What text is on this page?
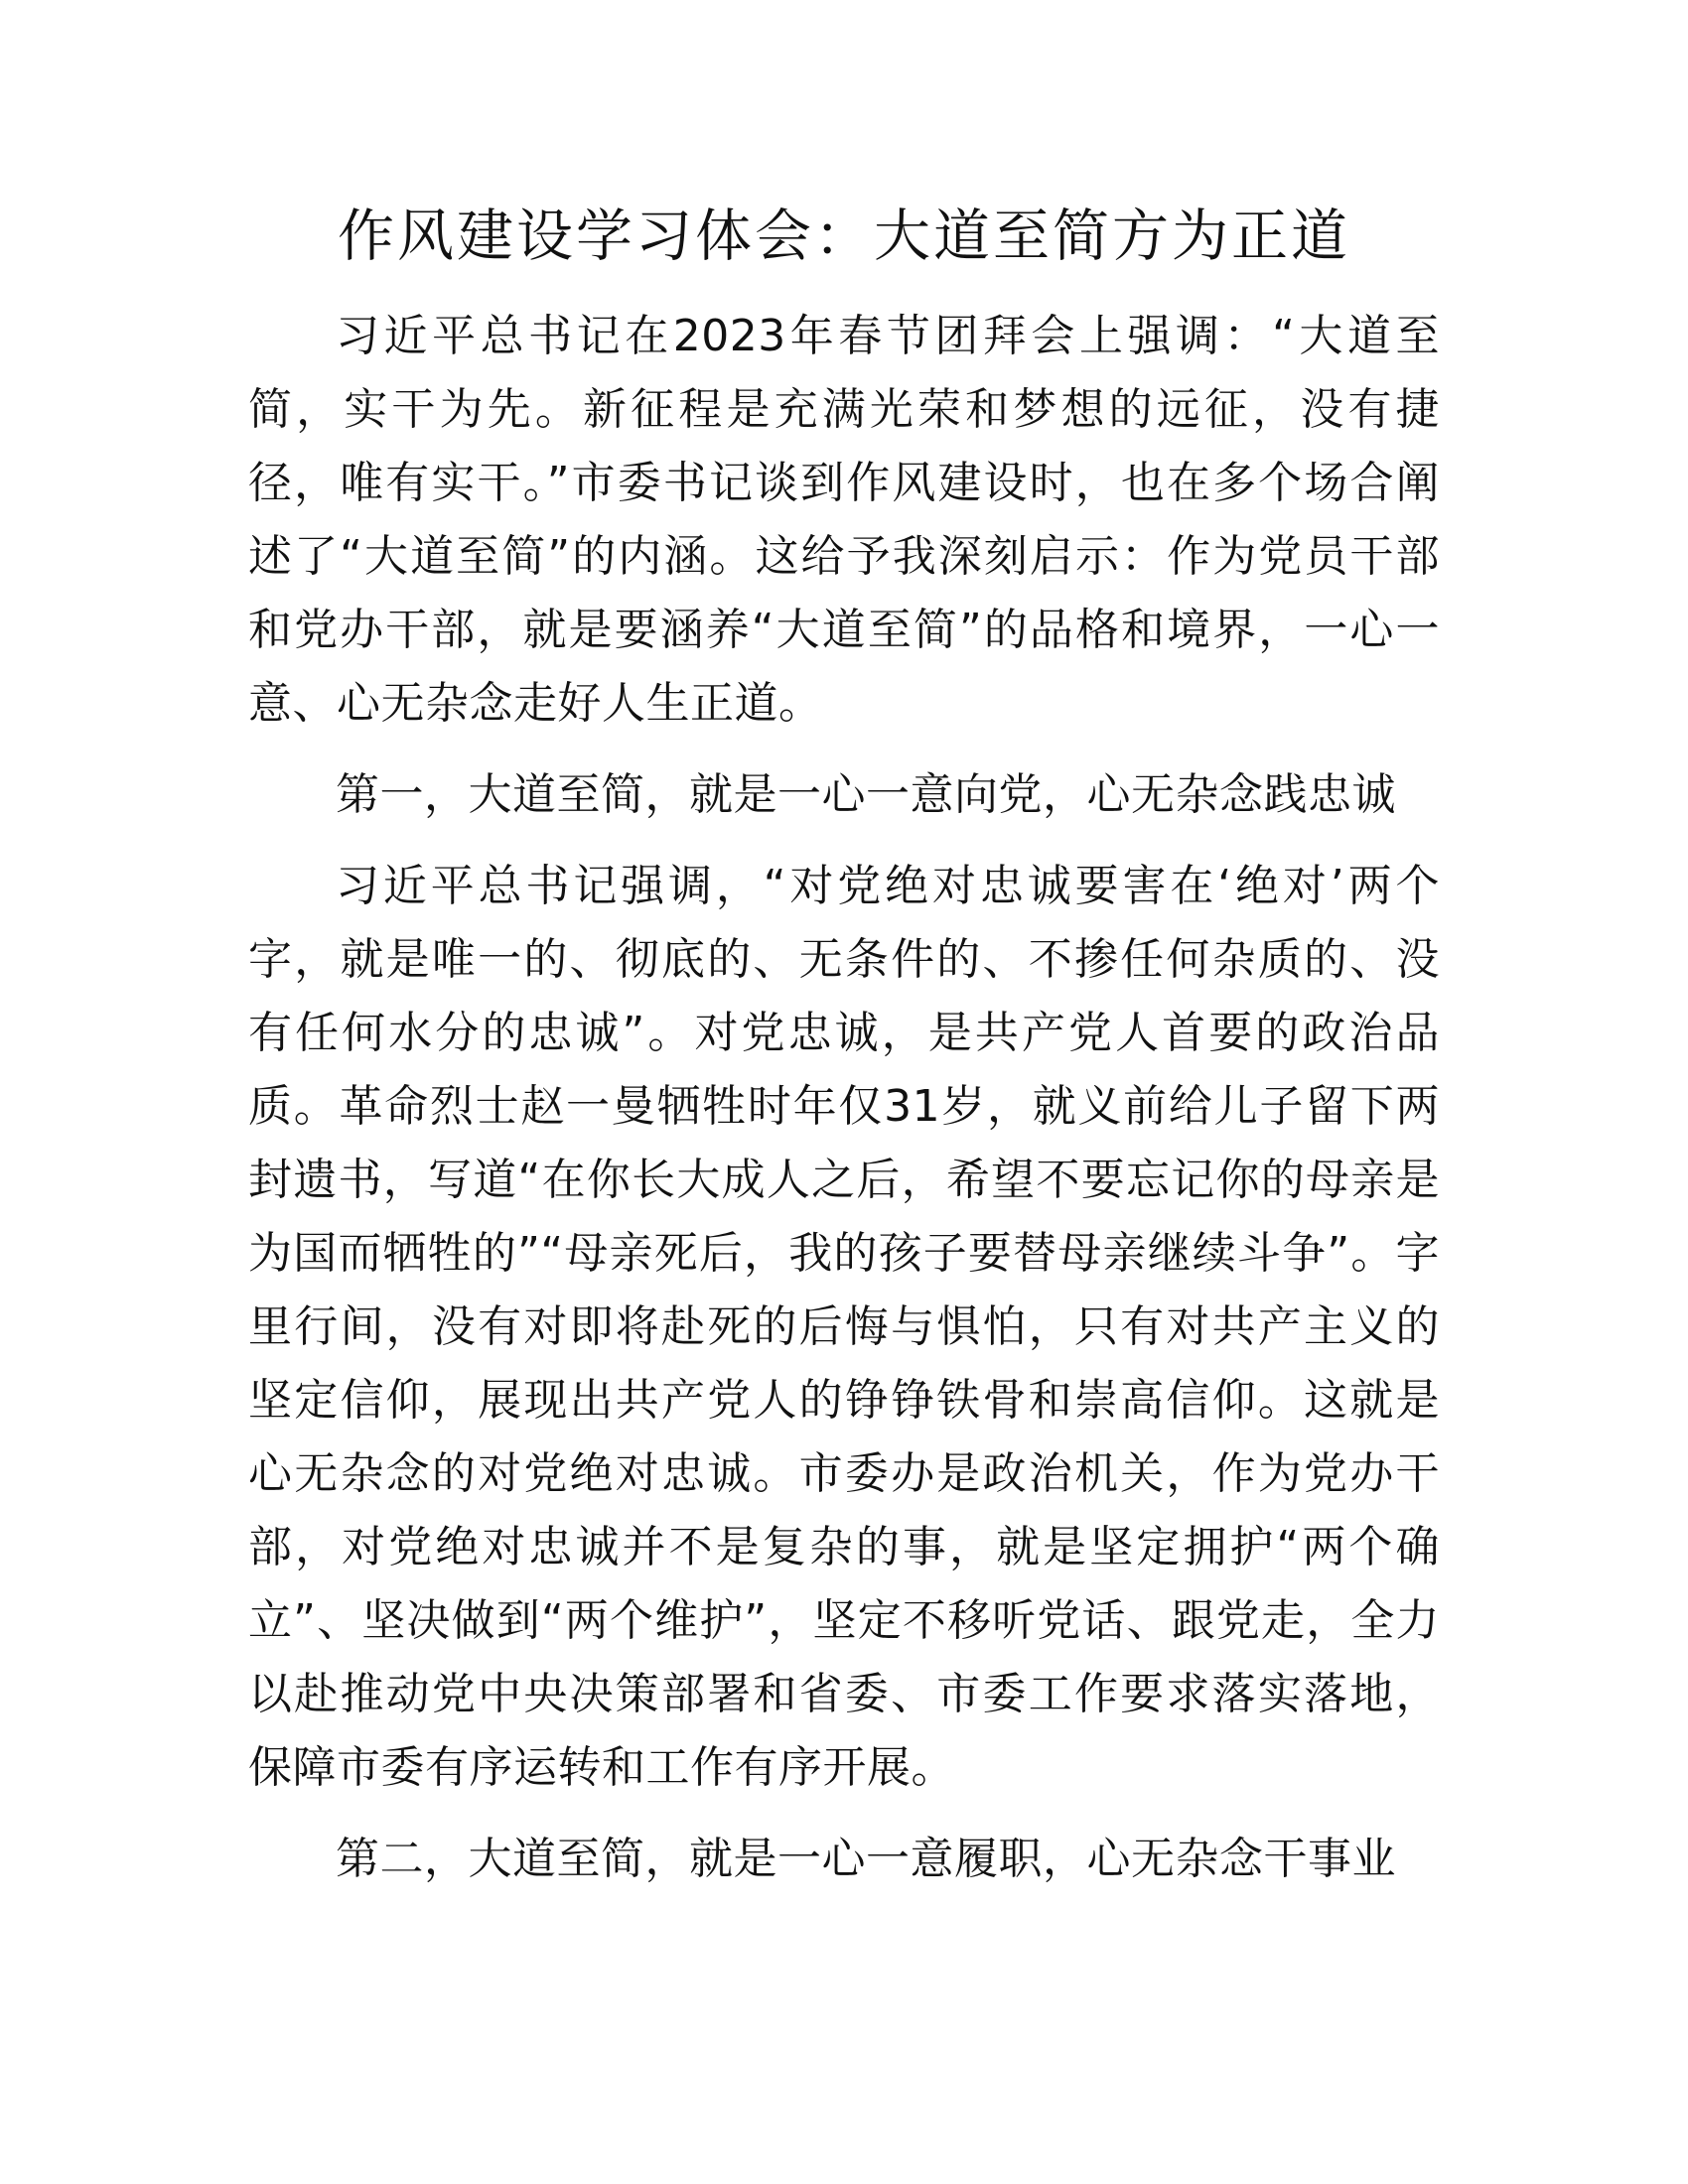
作风建设学习体会：大道至简方为正道

习近平总书记在2023年春节团拜会上强调：“大道至简，实干为先。新征程是充满光荣和梦想的远征，没有捷径，唯有实干。”市委书记谈到作风建设时，也在多个场合阐述了“大道至简”的内涵。这给予我深刻启示：作为党员干部和党办干部，就是要涵养“大道至简”的品格和境界，一心一意、心无杂念走好人生正道。

第一，大道至简，就是一心一意向党，心无杂念践忠诚

习近平总书记强调，“对党绝对忠诚要害在‘绝对’两个字，就是唯一的、彻底的、无条件的、不掺任何杂质的、没有任何水分的忠诚”。对党忠诚，是共产党人首要的政治品质。革命烈士赵一曼牺牲时年仅31岁，就义前给儿子留下两封遗书，写道“在你长大成人之后，希望不要忘记你的母亲是为国而牺牲的”“母亲死后，我的孩子要替母亲继续斗争”。字里行间，没有对即将赴死的后悔与惧怕，只有对共产主义的坚定信仰，展现出共产党人的铮铮铁骨和崇高信仰。这就是心无杂念的对党绝对忠诚。市委办是政治机关，作为党办干部，对党绝对忠诚并不是复杂的事，就是坚定拥护“两个确立”、坚决做到“两个维护”，坚定不移听党话、跟党走，全力以赴推动党中央决策部署和省委、市委工作要求落实落地，保障市委有序运转和工作有序开展。

第二，大道至简，就是一心一意履职，心无杂念干事业
